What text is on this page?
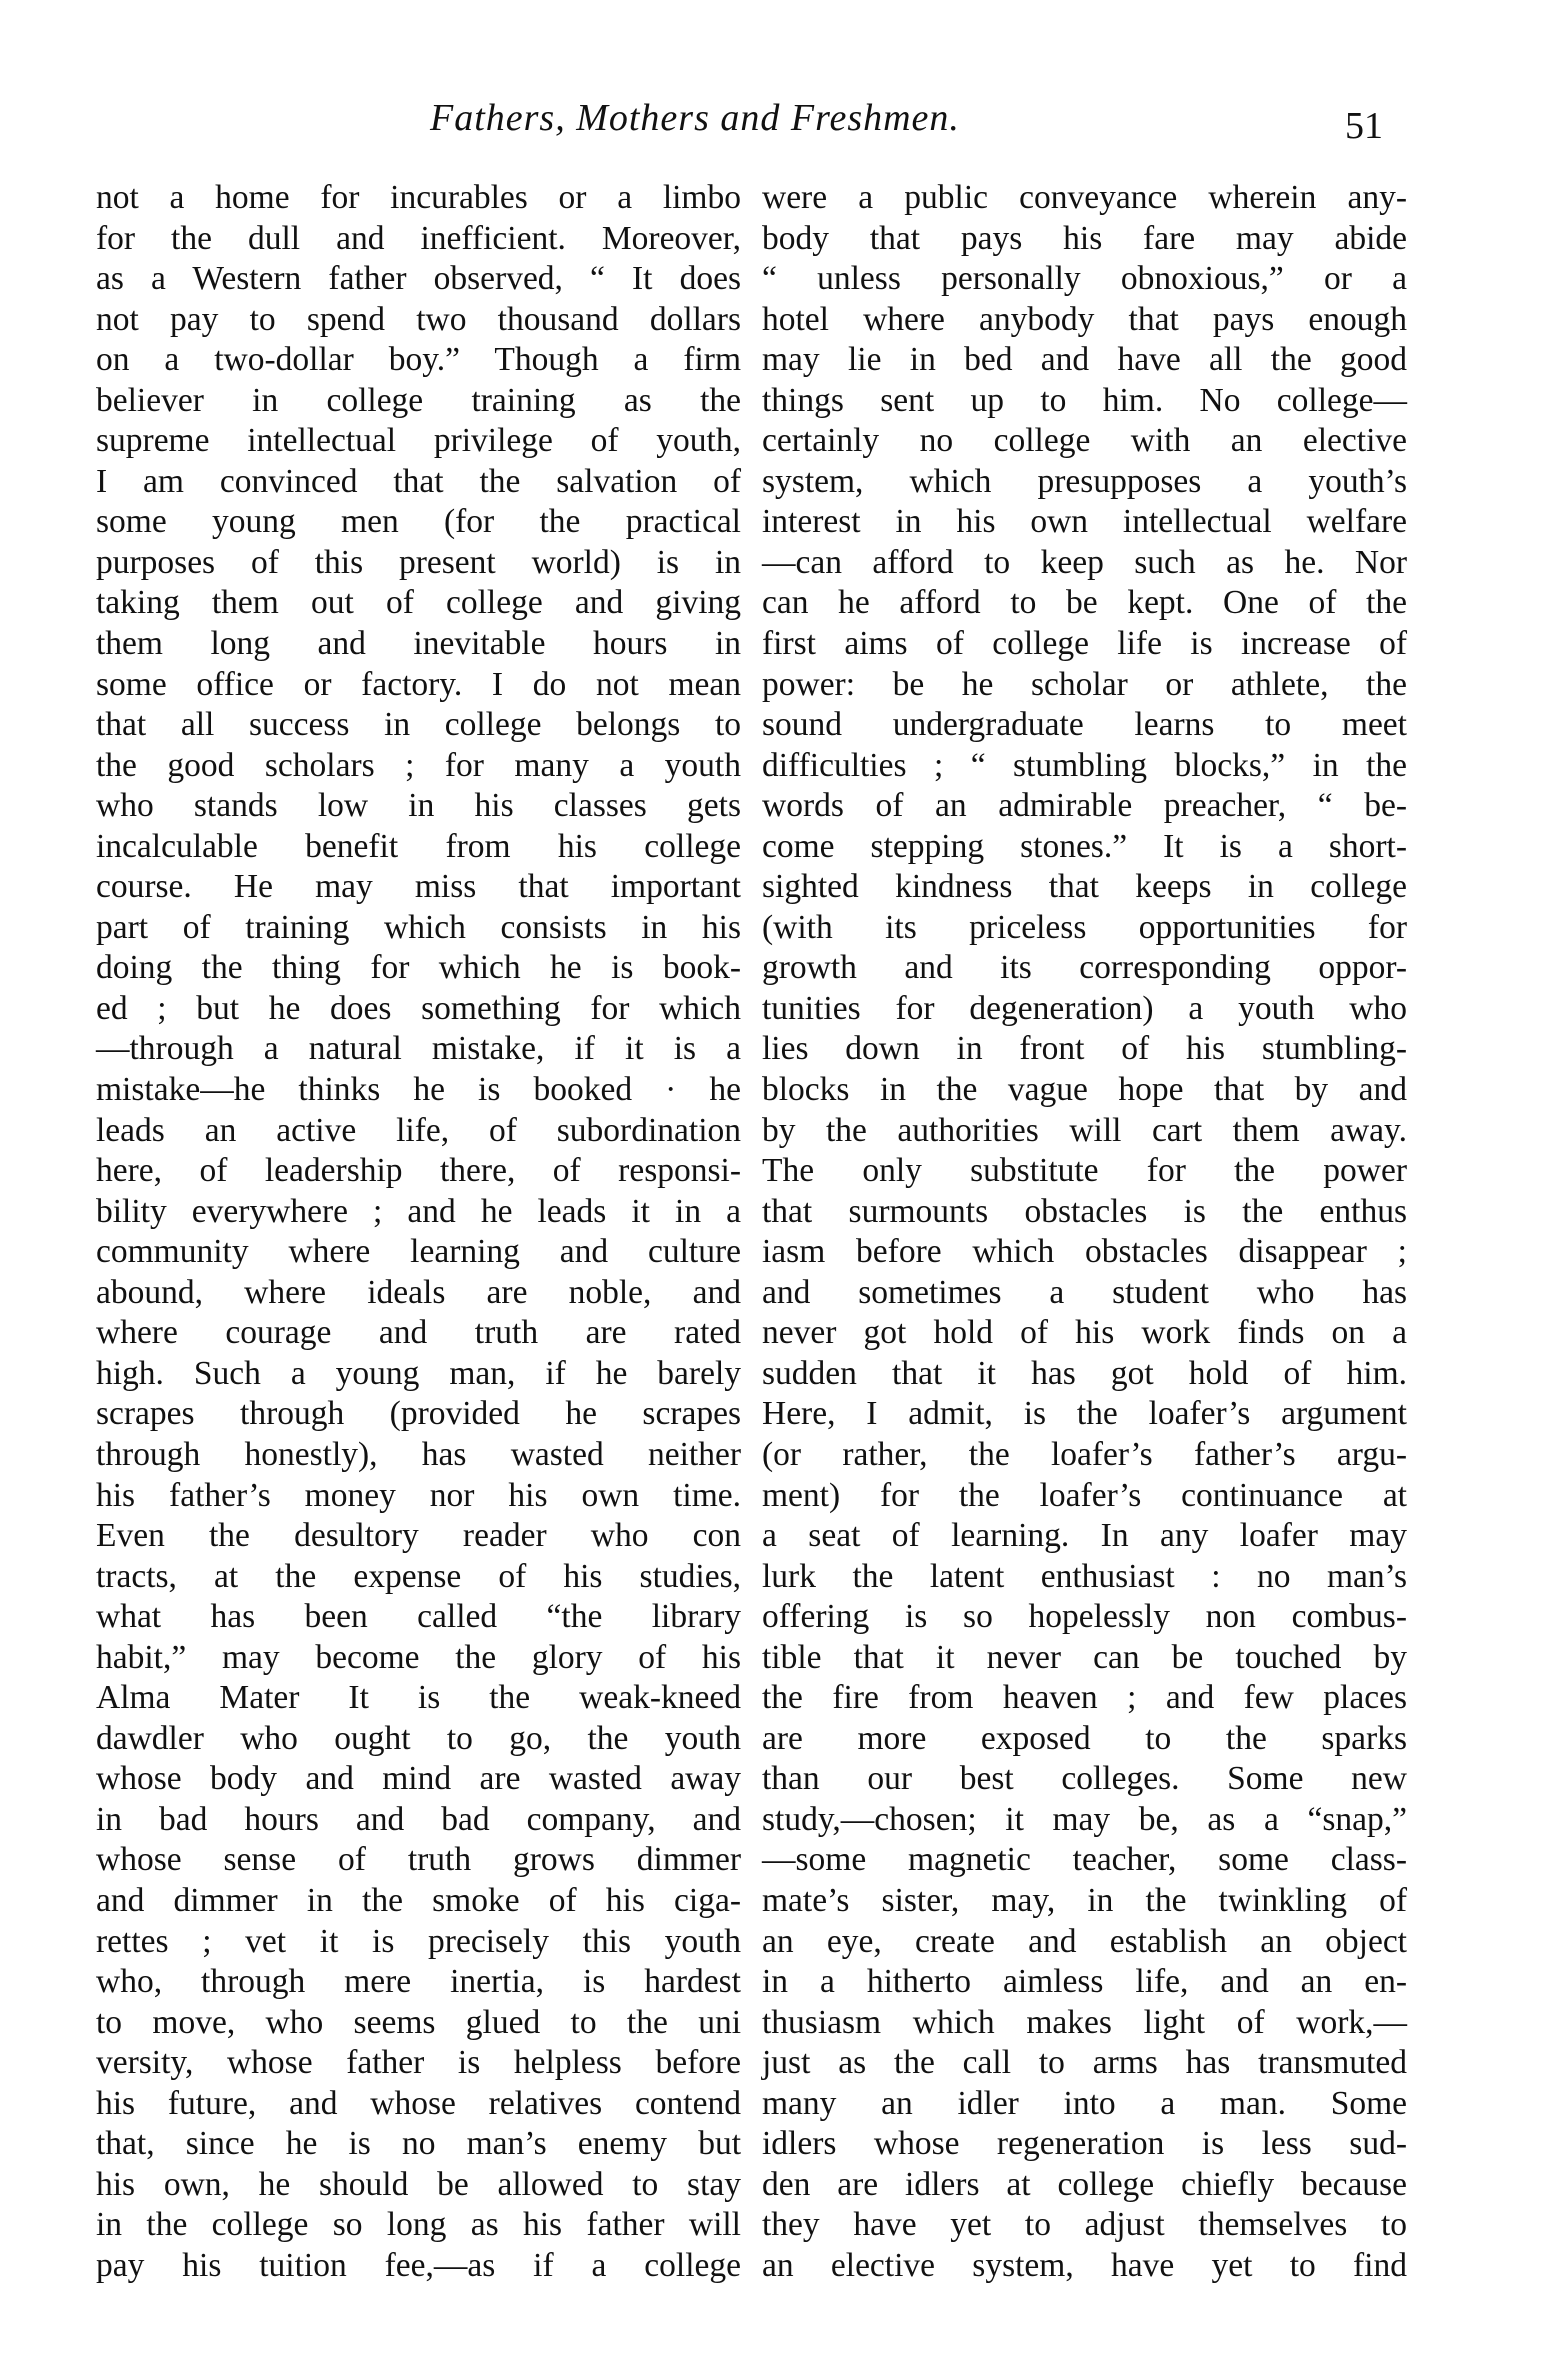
Fathers, Mothers and Freshmen.	51
not a home for incurables or a limbo
for the dull and inefficient. Moreover,
as a Western father observed, “ It does
not pay to spend two thousand dollars
on a two-dollar boy.” Though a firm
believer in college training as the
supreme intellectual privilege of youth,
I am convinced that the salvation of
some young men (for the practical
purposes of this present world) is in
taking them out of college and giving
them long and inevitable hours in
some office or factory. I do not mean
that all success in college belongs to
the good scholars ; for many a youth
who stands low in his classes gets
incalculable benefit from his college
course. He may miss that important
part of training which consists in his
doing the thing for which he is book-
ed ; but he does something for which
—through a natural mistake, if it is a
mistake—he thinks he is booked · he
leads an active life, of subordination
here, of leadership there, of responsi-
bility everywhere ; and he leads it in a
community where learning and culture
abound, where ideals are noble, and
where courage and truth are rated
high. Such a young man, if he barely
scrapes through (provided he scrapes
through honestly), has wasted neither
his father’s money nor his own time.
Even the desultory reader who con
tracts, at the expense of his studies,
what has been called “the library
habit,” may become the glory of his
Alma Mater It is the weak-kneed
dawdler who ought to go, the youth
whose body and mind are wasted away
in bad hours and bad company, and
whose sense of truth grows dimmer
and dimmer in the smoke of his ciga-
rettes ; vet it is precisely this youth
who, through mere inertia, is hardest
to move, who seems glued to the uni
versity, whose father is helpless before
his future, and whose relatives contend
that, since he is no man’s enemy but
his own, he should be allowed to stay
in the college so long as his father will
pay his tuition fee,—as if a college
were a public conveyance wherein any-
body that pays his fare may abide
“ unless personally obnoxious,” or a
hotel where anybody that pays enough
may lie in bed and have all the good
things sent up to him. No college—
certainly no college with an elective
system, which presupposes a youth’s
interest in his own intellectual welfare
—can afford to keep such as he. Nor
can he afford to be kept. One of the
first aims of college life is increase of
power: be he scholar or athlete, the
sound undergraduate learns to meet
difficulties ; “ stumbling blocks,” in the
words of an admirable preacher, “ be-
come stepping stones.” It is a short-
sighted kindness that keeps in college
(with its priceless opportunities for
growth and its corresponding oppor-
tunities for degeneration) a youth who
lies down in front of his stumbling-
blocks in the vague hope that by and
by the authorities will cart them away.
The only substitute for the power
that surmounts obstacles is the enthus
iasm before which obstacles disappear ;
and sometimes a student who has
never got hold of his work finds on a
sudden that it has got hold of him.
Here, I admit, is the loafer’s argument
(or rather, the loafer’s father’s argu-
ment) for the loafer’s continuance at
a seat of learning. In any loafer may
lurk the latent enthusiast : no man’s
offering is so hopelessly non combus-
tible that it never can be touched by
the fire from heaven ; and few places
are more exposed to the sparks
than our best colleges. Some new
study,—chosen; it may be, as a “snap,”
—some magnetic teacher, some class-
mate’s sister, may, in the twinkling of
an eye, create and establish an object
in a hitherto aimless life, and an en-
thusiasm which makes light of work,—
just as the call to arms has transmuted
many an idler into a man. Some
idlers whose regeneration is less sud-
den are idlers at college chiefly because
they have yet to adjust themselves to
an elective system, have yet to find
